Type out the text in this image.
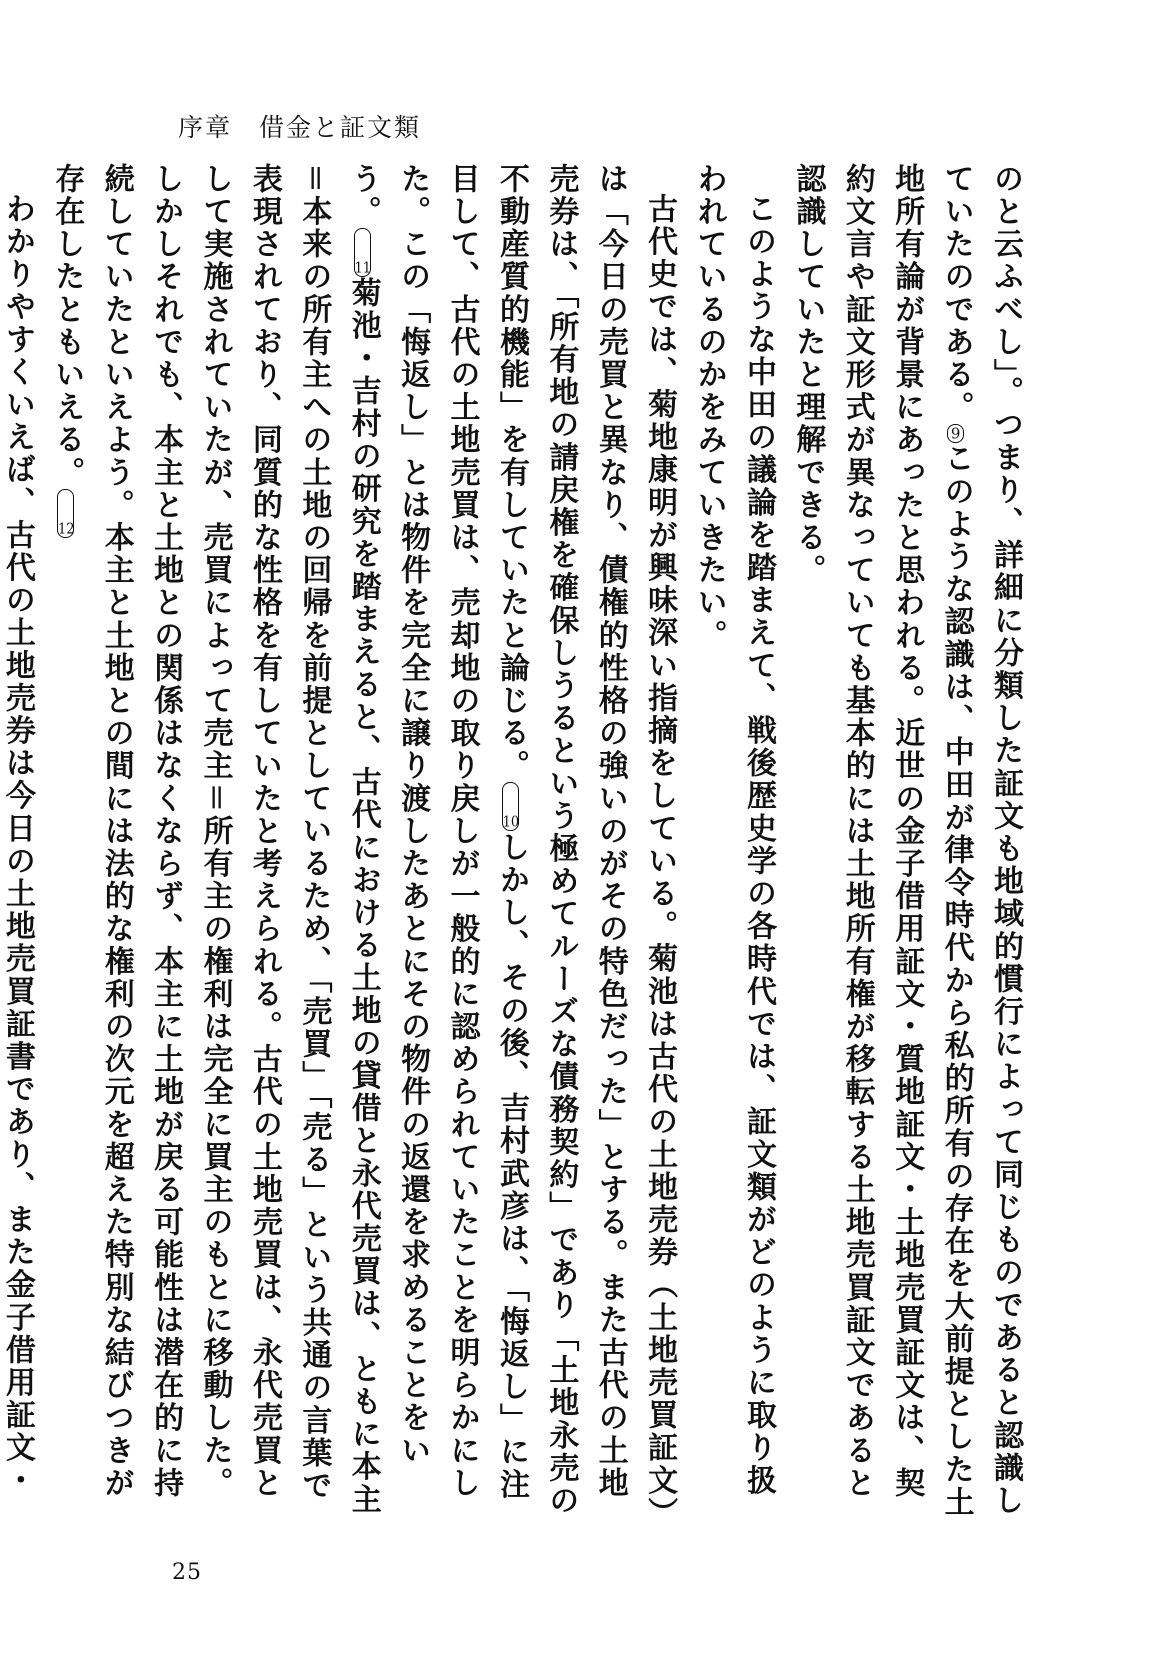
序章　借金と証文類

のと云ふべし」。つまり、詳細に分類した証文も地域的慣行によって同じものであると認識していたのである。9このような認識は、中田が律令時代から私的所有の存在を大前提とした土地所有論が背景にあったと思われる。近世の金子借用証文・質地証文・土地売買証文は、契約文言や証文形式が異なっていても基本的には土地所有権が移転する土地売買証文であると認識していたと理解できる。

このような中田の議論を踏まえて、戦後歴史学の各時代では、証文類がどのように取り扱われているのかをみていきたい。

古代史では、菊地康明が興味深い指摘をしている。菊池は古代の土地売券（土地売買証文）は「今日の売買と異なり、債権的性格の強いのがその特色だった」とする。また古代の土地売券は、「所有地の請戻権を確保しうるという極めてルーズな債務契約」であり「土地永売の不動産質的機能」を有していたと論じる。10しかし、その後、吉村武彦は、「悔返し」に注目して、古代の土地売買は、売却地の取り戻しが一般的に認められていたことを明らかにした。この「悔返し」とは物件を完全に譲り渡したあとにその物件の返還を求めることをいう。11菊池・吉村の研究を踏まえると、古代における土地の貸借と永代売買は、ともに本主＝本来の所有主への土地の回帰を前提としているため、「売買」「売る」という共通の言葉で表現されており、同質的な性格を有していたと考えられる。古代の土地売買は、永代売買として実施されていたが、売買によって売主＝所有主の権利は完全に買主のもとに移動した。しかしそれでも、本主と土地との関係はなくならず、本主に土地が戻る可能性は潜在的に持続していたといえよう。本主と土地との間には法的な権利の次元を超えた特別な結びつきが存在したともいえる。12

わかりやすくいえば、古代の土地売券は今日の土地売買証書であり、また金子借用証文・

25
